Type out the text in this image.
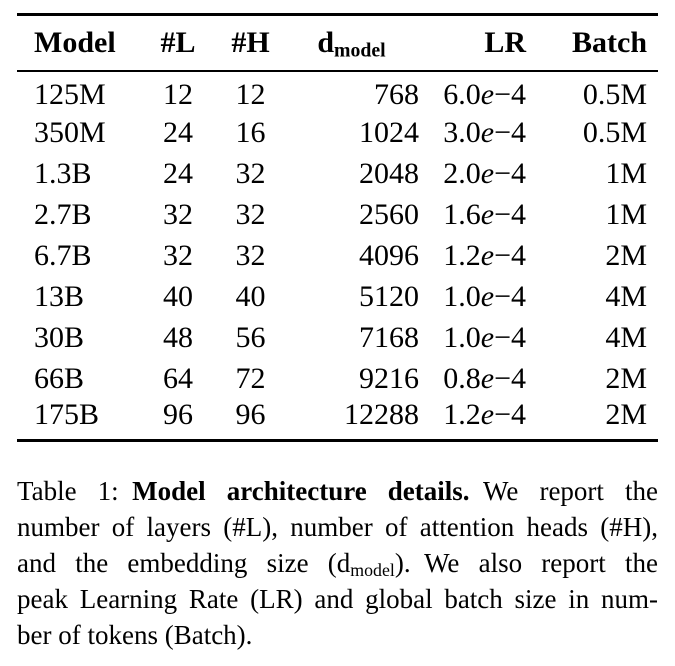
Model	#L	#H	dmodel	LR	Batch
125M	12	12	768	6.0e−4	0.5M
350M	24	16	1024	3.0e−4	0.5M
1.3B	24	32	2048	2.0e−4	1M
2.7B	32	32	2560	1.6e−4	1M
6.7B	32	32	4096	1.2e−4	2M
13B	40	40	5120	1.0e−4	4M
30B	48	56	7168	1.0e−4	4M
66B	64	72	9216	0.8e−4	2M
175B	96	96	12288	1.2e−4	2M
Table 1: Model architecture details. We report the
number of layers (#L), number of attention heads (#H),
and the embedding size (dmodel). We also report the
peak Learning Rate (LR) and global batch size in num-
ber of tokens (Batch).
